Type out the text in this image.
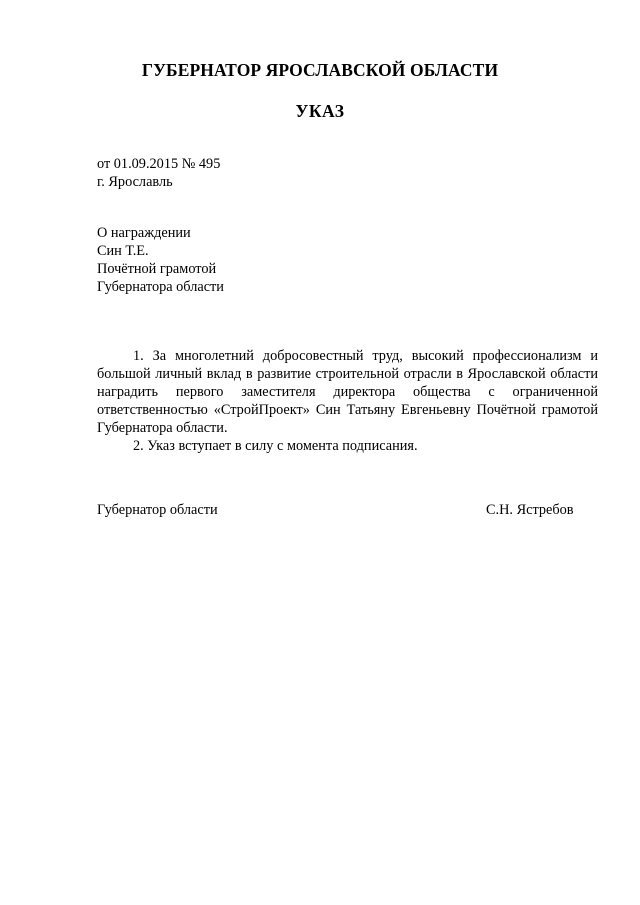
ГУБЕРНАТОР ЯРОСЛАВСКОЙ ОБЛАСТИ
УКАЗ
от 01.09.2015 № 495
г. Ярославль
О награждении
Син Т.Е.
Почётной грамотой
Губернатора области

1. За многолетний добросовестный труд, высокий профессионализм и большой личный вклад в развитие строительной отрасли в Ярославской области наградить первого заместителя директора общества с ограниченной ответственностью «СтройПроект» Син Татьяну Евгеньевну Почётной грамотой Губернатора области.

2. Указ вступает в силу с момента подписания.

Губернатор области	С.Н. Ястребов
